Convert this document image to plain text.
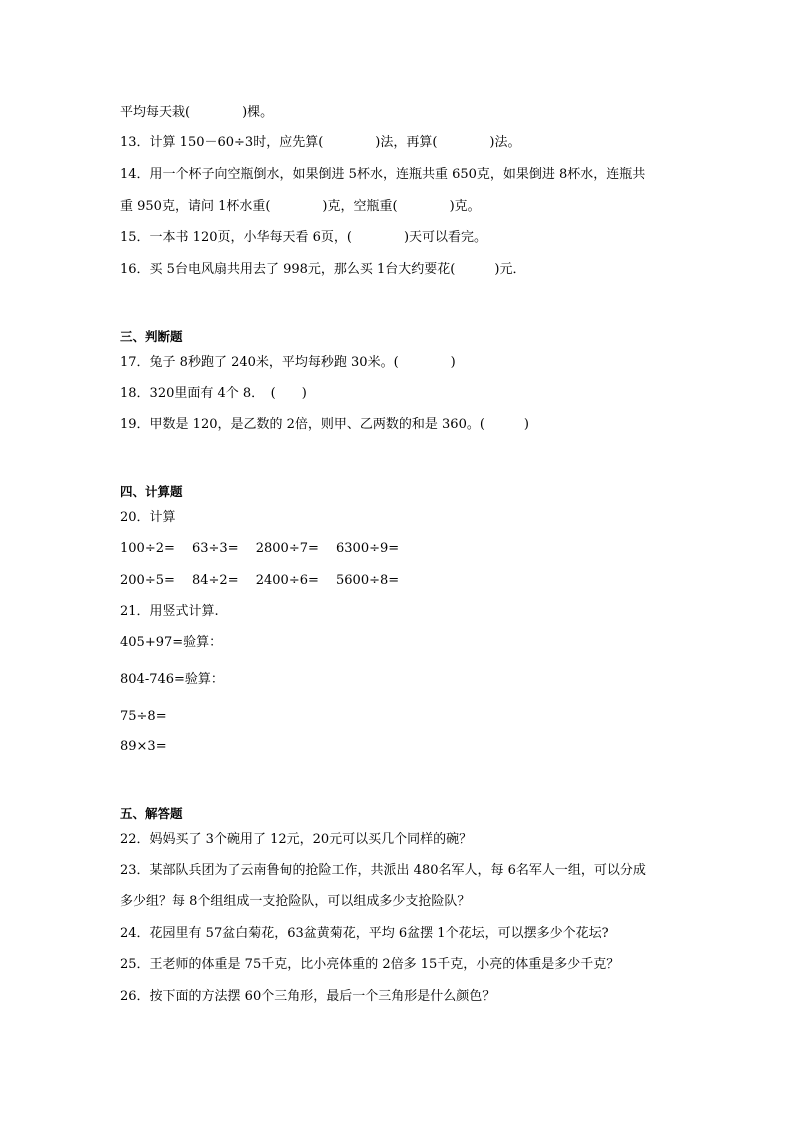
平均每天栽(　　　　)棵。
13．计算 150－60÷3时，应先算(　　　　)法，再算(　　　　)法。
14．用一个杯子向空瓶倒水，如果倒进 5杯水，连瓶共重 650克，如果倒进 8杯水，连瓶共
重 950克，请问 1杯水重(　　　　)克，空瓶重(　　　　)克。
15．一本书 120页，小华每天看 6页，(　　　　)天可以看完。
16．买 5台电风扇共用去了 998元，那么买 1台大约要花(　　　)元．
三、判断题
17．兔子 8秒跑了 240米，平均每秒跑 30米。(　　　　)
18．320里面有 4个 8．　(　　)
19．甲数是 120，是乙数的 2倍，则甲、乙两数的和是 360。(　　　)
四、计算题
20．计算
100÷2=　 63÷3=　 2800÷7=　 6300÷9=
200÷5=　 84÷2=　 2400÷6=　 5600÷8=
21．用竖式计算.
405+97=验算：
804-746=验算：
75÷8=
89×3=
五、解答题
22．妈妈买了 3个碗用了 12元，20元可以买几个同样的碗？
23．某部队兵团为了云南鲁甸的抢险工作，共派出 480名军人，每 6名军人一组，可以分成
多少组？每 8个组组成一支抢险队，可以组成多少支抢险队？
24．花园里有 57盆白菊花，63盆黄菊花，平均 6盆摆 1个花坛，可以摆多少个花坛?
25．王老师的体重是 75千克，比小亮体重的 2倍多 15千克，小亮的体重是多少千克？
26．按下面的方法摆 60个三角形，最后一个三角形是什么颜色？
